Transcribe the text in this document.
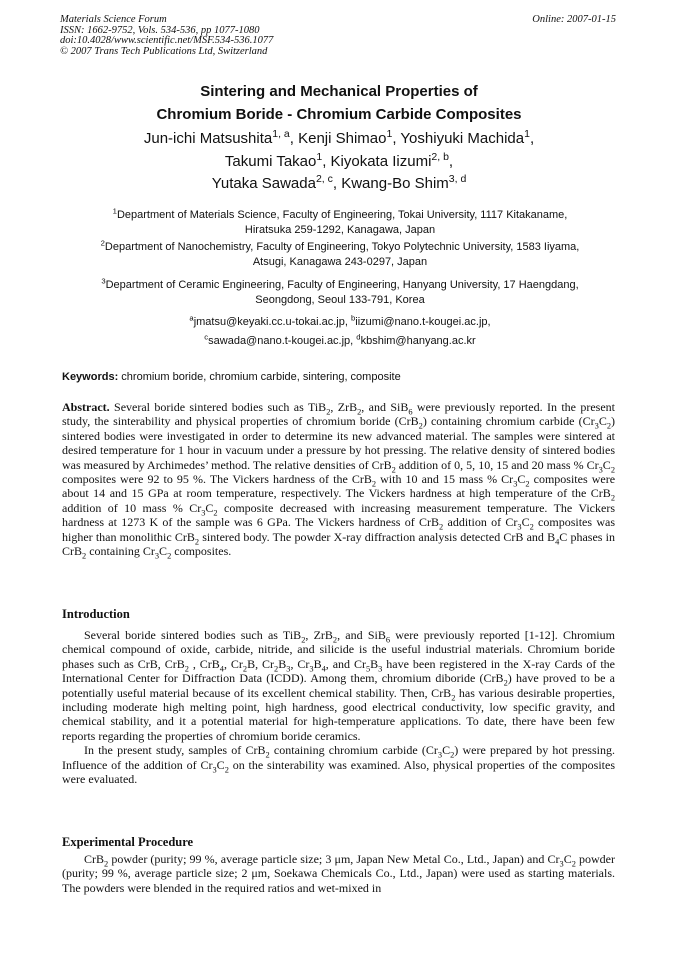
Materials Science Forum
ISSN: 1662-9752, Vols. 534-536, pp 1077-1080
doi:10.4028/www.scientific.net/MSF.534-536.1077
© 2007 Trans Tech Publications Ltd, Switzerland
Online: 2007-01-15
Sintering and Mechanical Properties of
Chromium Boride - Chromium Carbide Composites
Jun-ichi Matsushita$^{1, a}$, Kenji Shimao$^1$, Yoshiyuki Machida$^1$,
Takumi Takao$^1$, Kiyokata Iizumi$^{2, b}$,
Yutaka Sawada$^{2, c}$, Kwang-Bo Shim$^{3, d}$
$^1$Department of Materials Science, Faculty of Engineering, Tokai University, 1117 Kitakaname,
Hiratsuka 259-1292, Kanagawa, Japan
$^2$Department of Nanochemistry, Faculty of Engineering, Tokyo Polytechnic University, 1583 Iiyama,
Atsugi, Kanagawa 243-0297, Japan
$^3$Department of Ceramic Engineering, Faculty of Engineering, Hanyang University, 17 Haengdang,
Seongdong, Seoul 133-791, Korea
$^a$jmatsu@keyaki.cc.u-tokai.ac.jp, $^b$iizumi@nano.t-kougei.ac.jp,
$^c$sawada@nano.t-kougei.ac.jp, $^d$kbshim@hanyang.ac.kr
Keywords: chromium boride, chromium carbide, sintering, composite
Abstract. Several boride sintered bodies such as TiB$_2$, ZrB$_2$, and SiB$_6$ were previously reported. In the present study, the sinterability and physical properties of chromium boride (CrB$_2$) containing chromium carbide $(Cr_3C_2)$ sintered bodies were investigated in order to determine its new advanced material. The samples were sintered at desired temperature for 1 hour in vacuum under a pressure by hot pressing. The relative density of sintered bodies was measured by Archimedes’ method. The relative densities of CrB$_2$ addition of 0, 5, 10, 15 and 20 mass % $Cr_3C_2$ composites were 92 to 95 %. The Vickers hardness of the CrB$_2$ with 10 and 15 mass % $Cr_3C_2$ composites were about 14 and 15 GPa at room temperature, respectively. The Vickers hardness at high temperature of the CrB$_2$ addition of 10 mass % $Cr_3C_2$ composite decreased with increasing measurement temperature. The Vickers hardness at 1273 K of the sample was 6 GPa. The Vickers hardness of CrB$_2$ addition of $Cr_3C_2$ composites was higher than monolithic CrB$_2$ sintered body. The powder X-ray diffraction analysis detected CrB and $B_4C$ phases in CrB$_2$ containing $Cr_3C_2$ composites.
Introduction

Several boride sintered bodies such as TiB$_2$, ZrB$_2$, and SiB$_6$ were previously reported [1-12]. Chromium chemical compound of oxide, carbide, nitride, and silicide is the useful industrial materials. Chromium boride phases such as CrB, CrB$_2$ , CrB$_4$, $Cr_2B$, $Cr_2B_3$, $Cr_3B_4$, and $Cr_5B_3$ have been registered in the X-ray Cards of the International Center for Diffraction Data (ICDD). Among them, chromium diboride (CrB$_2$) have proved to be a potentially useful material because of its excellent chemical stability. Then, CrB$_2$ has various desirable properties, including moderate high melting point, high hardness, good electrical conductivity, low specific gravity, and chemical stability, and it a potential material for high-temperature applications. To date, there have been few reports regarding the properties of chromium boride ceramics.

In the present study, samples of CrB$_2$ containing chromium carbide $(Cr_3C_2)$ were prepared by hot pressing. Influence of the addition of $Cr_3C_2$ on the sinterability was examined. Also, physical properties of the composites were evaluated.

Experimental Procedure

CrB$_2$ powder (purity; 99 %, average particle size; 3 μm, Japan New Metal Co., Ltd., Japan) and $Cr_3C_2$ powder (purity; 99 %, average particle size; 2 μm, Soekawa Chemicals Co., Ltd., Japan) were used as starting materials. The powders were blended in the required ratios and wet-mixed in
